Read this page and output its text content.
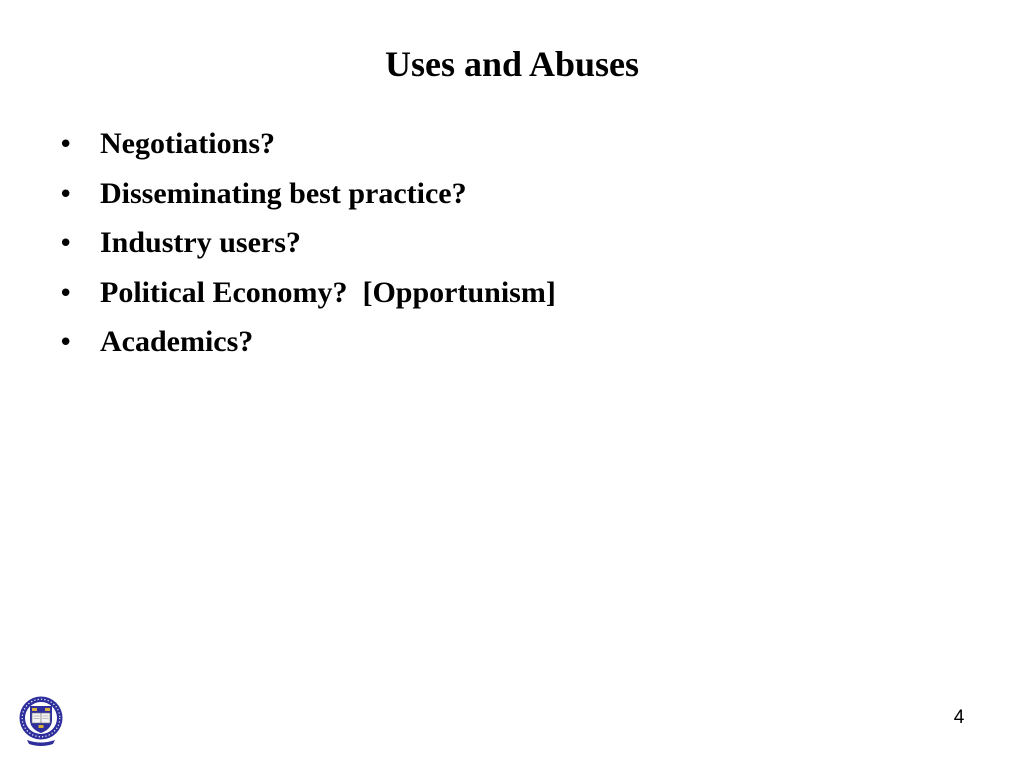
Uses and Abuses
• Negotiations?
• Disseminating best practice?
• Industry users?
• Political Economy?  [Opportunism]
• Academics?
4
